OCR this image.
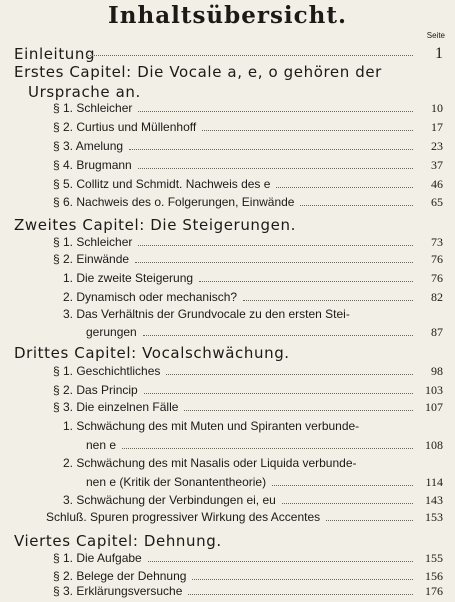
Inhaltsübersicht.
Seite
Einleitung	1
Erstes Capitel: Die Vocale a, e, o gehören der
Ursprache an.
§ 1. Schleicher	10
§ 2. Curtius und Müllenhoff	17
§ 3. Amelung	23
§ 4. Brugmann	37
§ 5. Collitz und Schmidt. Nachweis des e	46
§ 6. Nachweis des o. Folgerungen, Einwände	65
Zweites Capitel: Die Steigerungen.
§ 1. Schleicher	73
§ 2. Einwände	76
1. Die zweite Steigerung	76
2. Dynamisch oder mechanisch?	82
3. Das Verhältnis der Grundvocale zu den ersten Stei-
gerungen	87
Drittes Capitel: Vocalschwächung.
§ 1. Geschichtliches	98
§ 2. Das Princip	103
§ 3. Die einzelnen Fälle	107
1. Schwächung des mit Muten und Spiranten verbunde-
nen e	108
2. Schwächung des mit Nasalis oder Liquida verbunde-
nen e (Kritik der Sonantentheorie)	114
3. Schwächung der Verbindungen ei, eu	143
Schluß. Spuren progressiver Wirkung des Accentes	153
Viertes Capitel: Dehnung.
§ 1. Die Aufgabe	155
§ 2. Belege der Dehnung	156
§ 3. Erklärungsversuche	176
